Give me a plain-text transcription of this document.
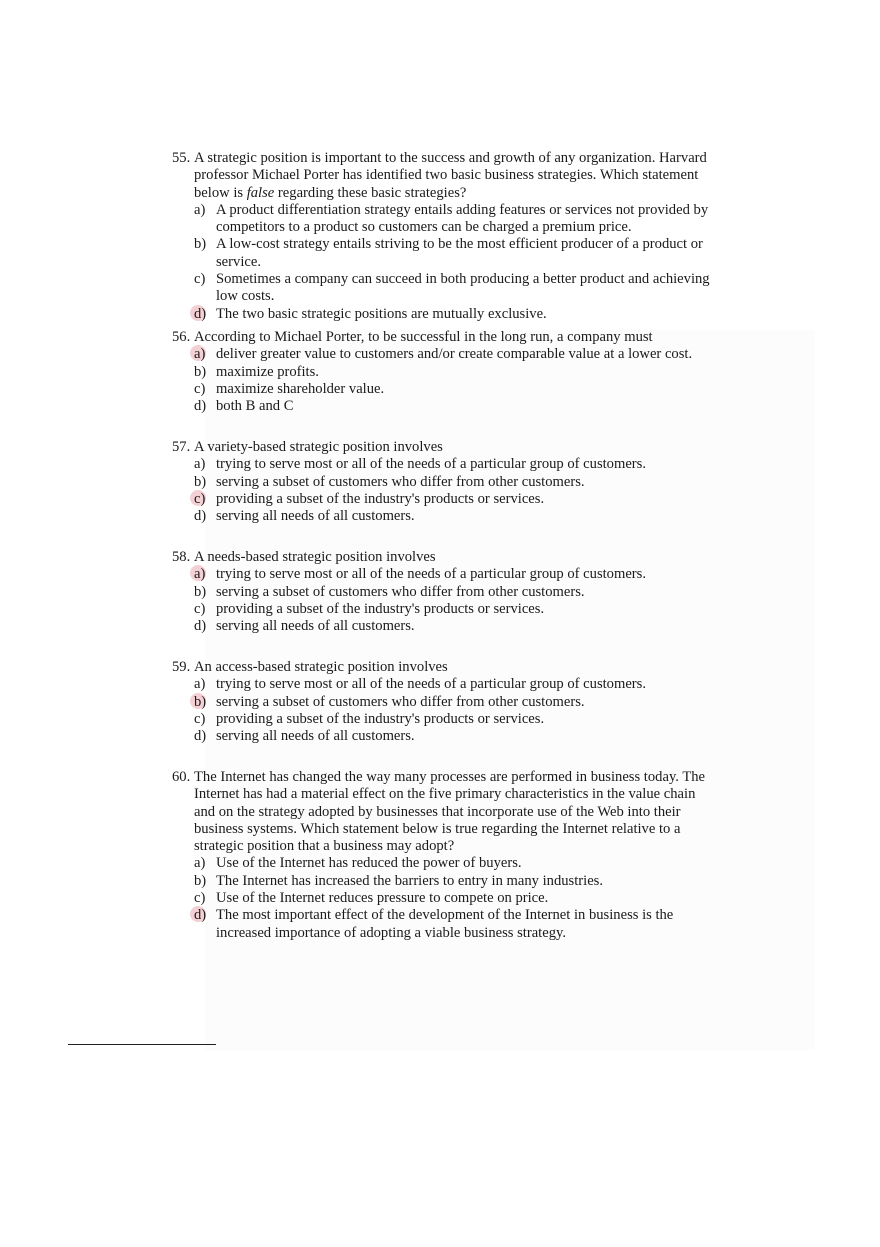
55. A strategic position is important to the success and growth of any organization. Harvard professor Michael Porter has identified two basic business strategies. Which statement below is false regarding these basic strategies?
a) A product differentiation strategy entails adding features or services not provided by competitors to a product so customers can be charged a premium price.
b) A low-cost strategy entails striving to be the most efficient producer of a product or service.
c) Sometimes a company can succeed in both producing a better product and achieving low costs.
d) The two basic strategic positions are mutually exclusive.
56. According to Michael Porter, to be successful in the long run, a company must
a) deliver greater value to customers and/or create comparable value at a lower cost.
b) maximize profits.
c) maximize shareholder value.
d) both B and C
57. A variety-based strategic position involves
a) trying to serve most or all of the needs of a particular group of customers.
b) serving a subset of customers who differ from other customers.
c) providing a subset of the industry's products or services.
d) serving all needs of all customers.
58. A needs-based strategic position involves
a) trying to serve most or all of the needs of a particular group of customers.
b) serving a subset of customers who differ from other customers.
c) providing a subset of the industry's products or services.
d) serving all needs of all customers.
59. An access-based strategic position involves
a) trying to serve most or all of the needs of a particular group of customers.
b) serving a subset of customers who differ from other customers.
c) providing a subset of the industry's products or services.
d) serving all needs of all customers.
60. The Internet has changed the way many processes are performed in business today. The Internet has had a material effect on the five primary characteristics in the value chain and on the strategy adopted by businesses that incorporate use of the Web into their business systems. Which statement below is true regarding the Internet relative to a strategic position that a business may adopt?
a) Use of the Internet has reduced the power of buyers.
b) The Internet has increased the barriers to entry in many industries.
c) Use of the Internet reduces pressure to compete on price.
d) The most important effect of the development of the Internet in business is the increased importance of adopting a viable business strategy.
